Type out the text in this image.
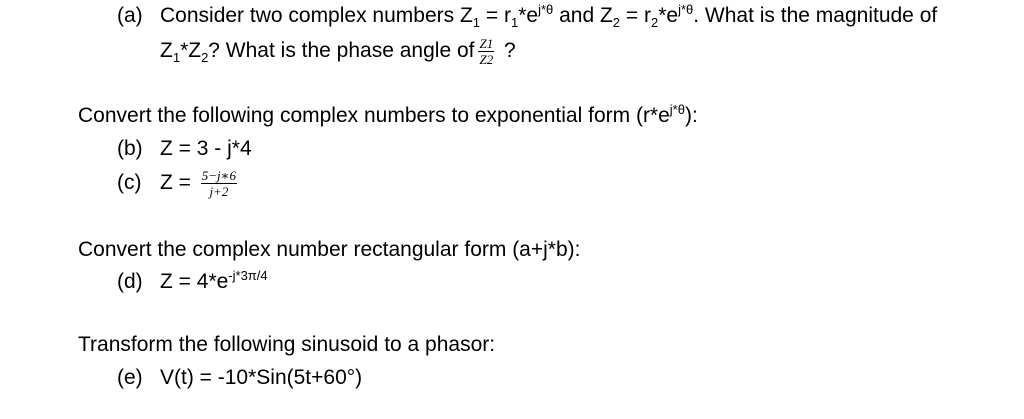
(a) Consider two complex numbers $Z_1 = r_1*e^{j*\theta}$ and $Z_2 = r_2*e^{j*\theta}$. What is the magnitude of
$Z_1*Z_2$? What is the phase angle of $\frac{Z1}{Z2}$ ?
Convert the following complex numbers to exponential form $(r*e^{j*\theta})$:
(b) Z = 3 - j*4
(c) $Z = \frac{5-j∗6}{j+2}$
Convert the complex number rectangular form (a+j*b):
(d) $Z = 4*e^{-j*3\pi/4}$
Transform the following sinusoid to a phasor:
(e) V(t) = -10*Sin(5t+60°)
